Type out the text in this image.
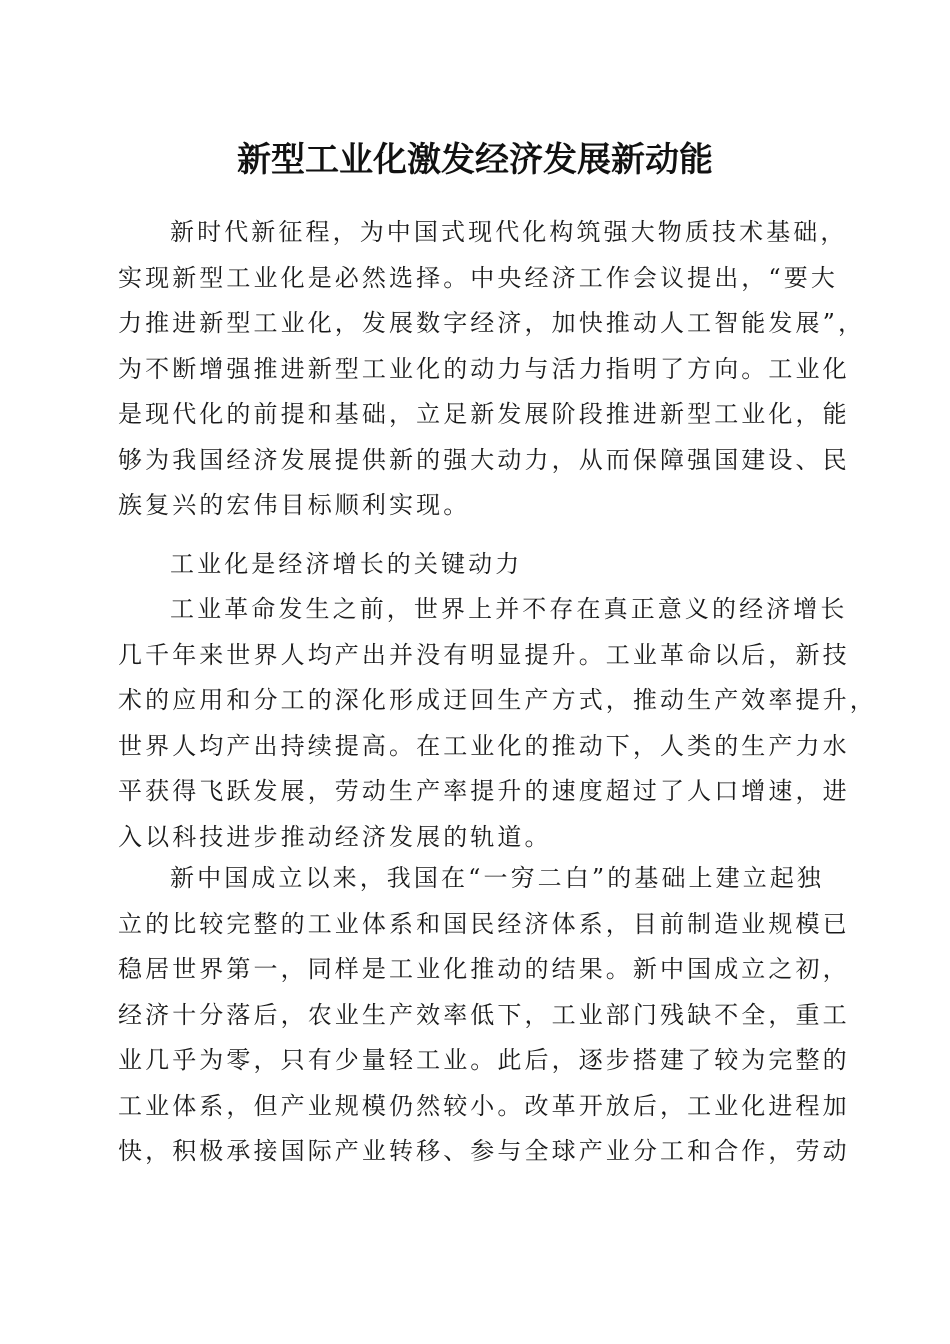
新型工业化激发经济发展新动能
新时代新征程，为中国式现代化构筑强大物质技术基础，
实现新型工业化是必然选择。中央经济工作会议提出，“要大
力推进新型工业化，发展数字经济，加快推动人工智能发展”，
为不断增强推进新型工业化的动力与活力指明了方向。工业化
是现代化的前提和基础，立足新发展阶段推进新型工业化，能
够为我国经济发展提供新的强大动力，从而保障强国建设、民
族复兴的宏伟目标顺利实现。
工业化是经济增长的关键动力
工业革命发生之前，世界上并不存在真正意义的经济增长
几千年来世界人均产出并没有明显提升。工业革命以后，新技
术的应用和分工的深化形成迂回生产方式，推动生产效率提升，
世界人均产出持续提高。在工业化的推动下，人类的生产力水
平获得飞跃发展，劳动生产率提升的速度超过了人口增速，进
入以科技进步推动经济发展的轨道。
新中国成立以来，我国在“一穷二白”的基础上建立起独
立的比较完整的工业体系和国民经济体系，目前制造业规模已
稳居世界第一，同样是工业化推动的结果。新中国成立之初，
经济十分落后，农业生产效率低下，工业部门残缺不全，重工
业几乎为零，只有少量轻工业。此后，逐步搭建了较为完整的
工业体系，但产业规模仍然较小。改革开放后，工业化进程加
快，积极承接国际产业转移、参与全球产业分工和合作，劳动
